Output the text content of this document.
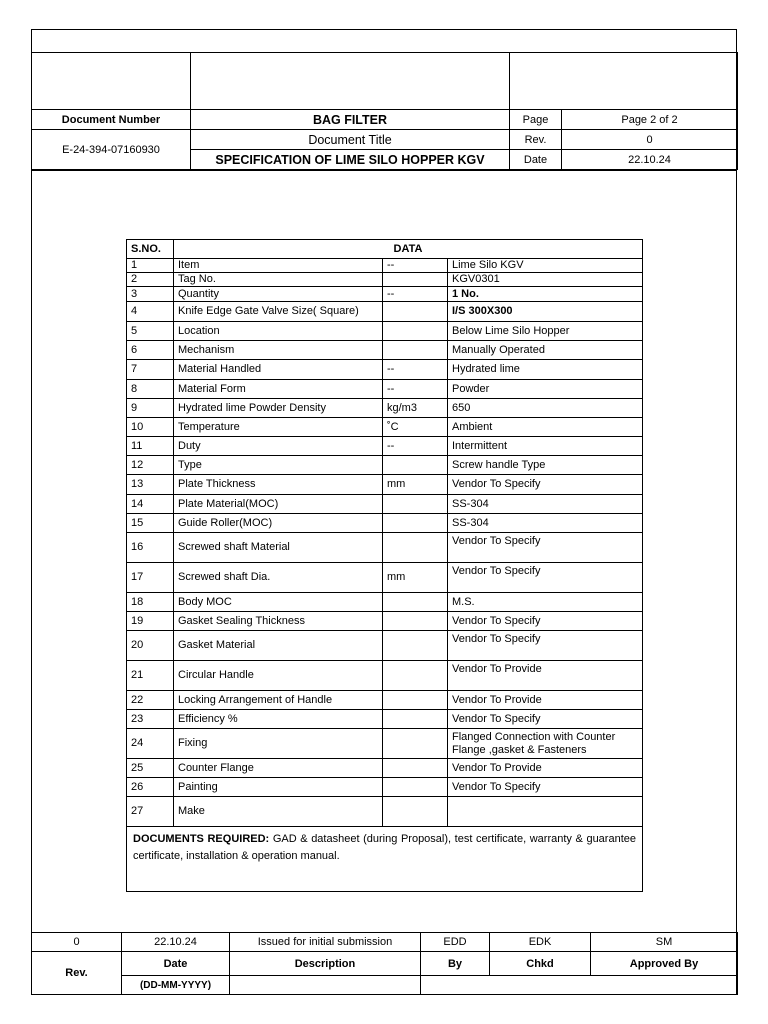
Document Number	BAG FILTER	Page	Page 2 of 2
E-24-394-07160930	Document Title	Rev.	0
	SPECIFICATION OF LIME SILO HOPPER KGV	Date	22.10.24
S.NO.	DATA		
1	Item	--	Lime Silo KGV
2	Tag No.		KGV0301
3	Quantity	--	1 No.
4	Knife Edge Gate Valve Size( Square)		I/S 300X300
5	Location		Below Lime Silo Hopper
6	Mechanism		Manually Operated
7	Material Handled	--	Hydrated lime
8	Material Form	--	Powder
9	Hydrated lime Powder Density	kg/m3	650
10	Temperature	˚C	Ambient
11	Duty	--	Intermittent
12	Type		Screw handle Type
13	Plate Thickness	mm	Vendor To Specify
14	Plate Material(MOC)		SS-304
15	Guide Roller(MOC)		SS-304
16	Screwed shaft Material		Vendor To Specify
17	Screwed shaft Dia.	mm	Vendor To Specify
18	Body MOC		M.S.
19	Gasket Sealing Thickness		Vendor To Specify
20	Gasket Material		Vendor To Specify
21	Circular Handle		Vendor To Provide
22	Locking Arrangement of Handle		Vendor To Provide
23	Efficiency %		Vendor To Specify
24	Fixing		Flanged Connection with Counter Flange ,gasket & Fasteners
25	Counter Flange		Vendor To Provide
26	Painting		Vendor To Specify
27	Make		
DOCUMENTS REQUIRED: GAD & datasheet (during Proposal), test certificate, warranty & guarantee certificate, installation & operation manual.			
0	22.10.24	Issued for initial submission	EDD	EDK	SM
Rev.	Date	Description	By	Chkd	Approved By
	(DD-MM-YYYY)				
